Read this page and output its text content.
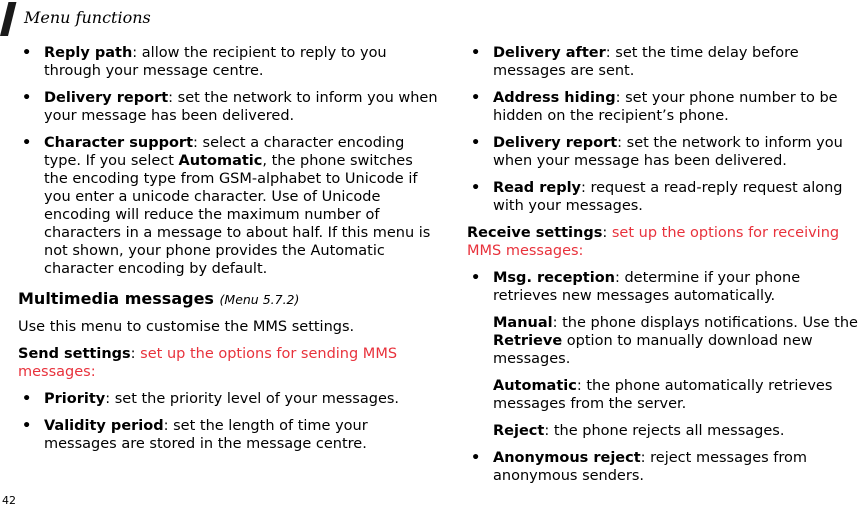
Menu functions
• Reply path: allow the recipient to reply to you through your message centre.
• Delivery report: set the network to inform you when your message has been delivered.
• Character support: select a character encoding type. If you select Automatic, the phone switches the encoding type from GSM-alphabet to Unicode if you enter a unicode character. Use of Unicode encoding will reduce the maximum number of characters in a message to about half. If this menu is not shown, your phone provides the Automatic character encoding by default.
Multimedia messages (Menu 5.7.2)

Use this menu to customise the MMS settings.

Send settings: set up the options for sending MMS messages:

• Priority: set the priority level of your messages.
• Validity period: set the length of time your messages are stored in the message centre.
• Delivery after: set the time delay before messages are sent.
• Address hiding: set your phone number to be hidden on the recipient’s phone.
• Delivery report: set the network to inform you when your message has been delivered.
• Read reply: request a read-reply request along with your messages.

Receive settings: set up the options for receiving MMS messages:

• Msg. reception: determine if your phone retrieves new messages automatically.
Manual: the phone displays notifications. Use the Retrieve option to manually download new messages.
Automatic: the phone automatically retrieves messages from the server.
Reject: the phone rejects all messages.
• Anonymous reject: reject messages from anonymous senders.
42
